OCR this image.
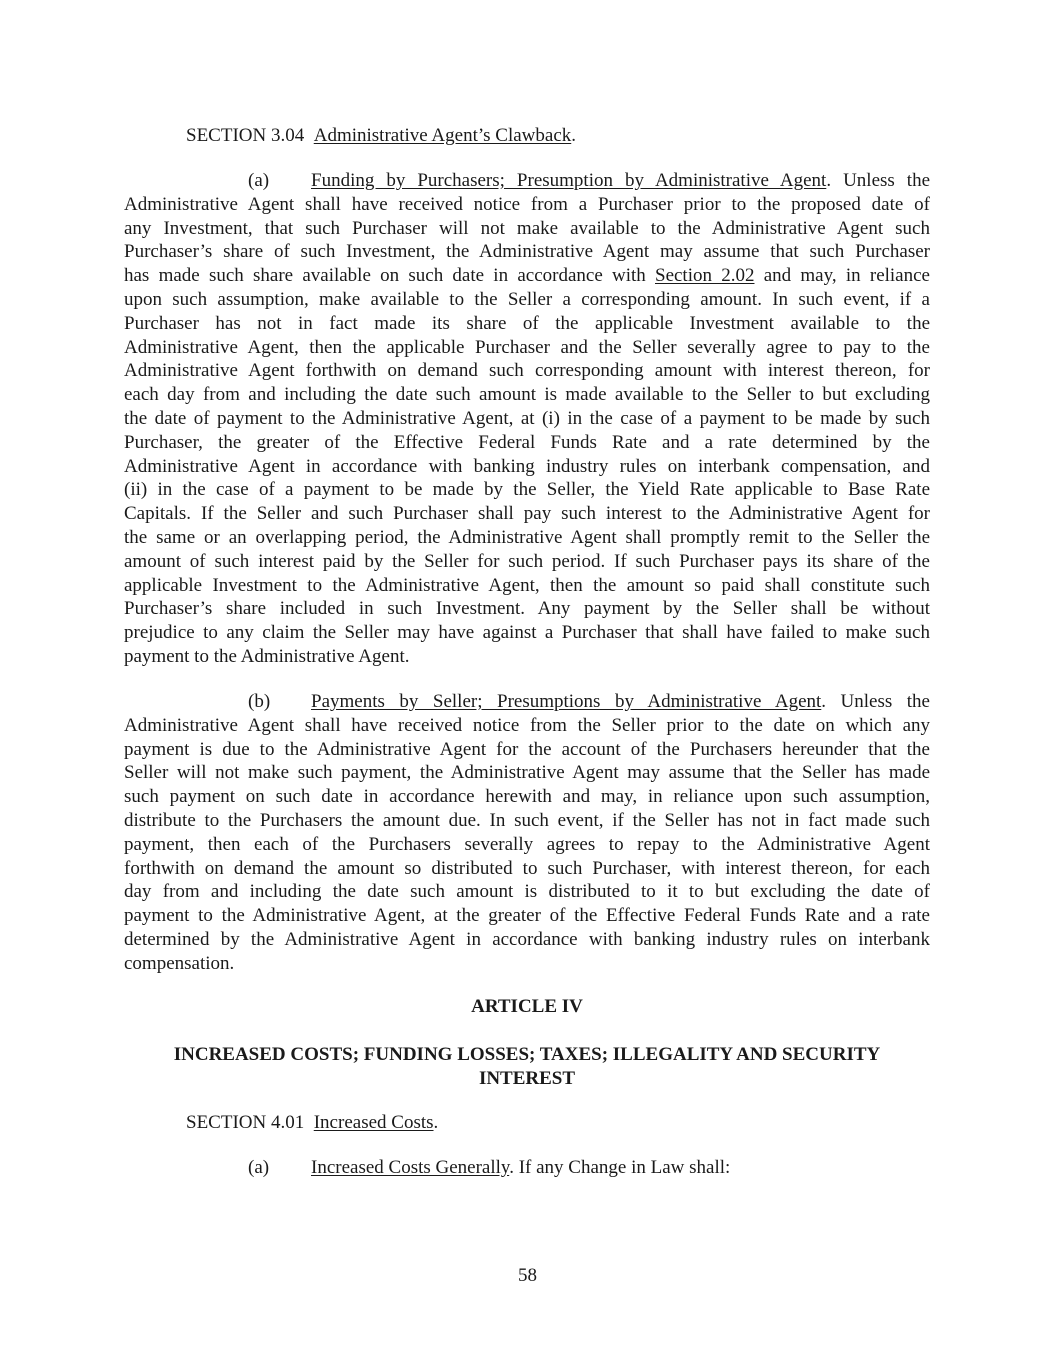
SECTION 3.04 Administrative Agent’s Clawback.
(a) Funding by Purchasers; Presumption by Administrative Agent. Unless the
Administrative Agent shall have received notice from a Purchaser prior to the proposed date of
any Investment, that such Purchaser will not make available to the Administrative Agent such
Purchaser’s share of such Investment, the Administrative Agent may assume that such Purchaser
has made such share available on such date in accordance with Section 2.02 and may, in reliance
upon such assumption, make available to the Seller a corresponding amount. In such event, if a
Purchaser has not in fact made its share of the applicable Investment available to the
Administrative Agent, then the applicable Purchaser and the Seller severally agree to pay to the
Administrative Agent forthwith on demand such corresponding amount with interest thereon, for
each day from and including the date such amount is made available to the Seller to but excluding
the date of payment to the Administrative Agent, at (i) in the case of a payment to be made by such
Purchaser, the greater of the Effective Federal Funds Rate and a rate determined by the
Administrative Agent in accordance with banking industry rules on interbank compensation, and
(ii) in the case of a payment to be made by the Seller, the Yield Rate applicable to Base Rate
Capitals. If the Seller and such Purchaser shall pay such interest to the Administrative Agent for
the same or an overlapping period, the Administrative Agent shall promptly remit to the Seller the
amount of such interest paid by the Seller for such period. If such Purchaser pays its share of the
applicable Investment to the Administrative Agent, then the amount so paid shall constitute such
Purchaser’s share included in such Investment. Any payment by the Seller shall be without
prejudice to any claim the Seller may have against a Purchaser that shall have failed to make such
payment to the Administrative Agent.
(b) Payments by Seller; Presumptions by Administrative Agent. Unless the
Administrative Agent shall have received notice from the Seller prior to the date on which any
payment is due to the Administrative Agent for the account of the Purchasers hereunder that the
Seller will not make such payment, the Administrative Agent may assume that the Seller has made
such payment on such date in accordance herewith and may, in reliance upon such assumption,
distribute to the Purchasers the amount due. In such event, if the Seller has not in fact made such
payment, then each of the Purchasers severally agrees to repay to the Administrative Agent
forthwith on demand the amount so distributed to such Purchaser, with interest thereon, for each
day from and including the date such amount is distributed to it to but excluding the date of
payment to the Administrative Agent, at the greater of the Effective Federal Funds Rate and a rate
determined by the Administrative Agent in accordance with banking industry rules on interbank
compensation.
ARTICLE IV
INCREASED COSTS; FUNDING LOSSES; TAXES; ILLEGALITY AND SECURITY
INTEREST
SECTION 4.01 Increased Costs.
(a) Increased Costs Generally. If any Change in Law shall:
58
